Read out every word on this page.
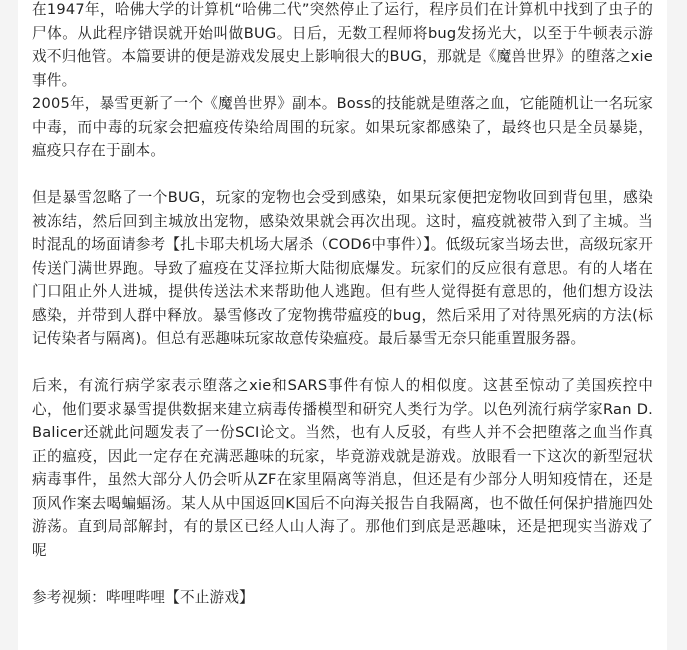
在1947年，哈佛大学的计算机“哈佛二代”突然停止了运行，程序员们在计算机中找到了虫子的尸体。从此程序错误就开始叫做BUG。日后，无数工程师将bug发扬光大，以至于牛顿表示游戏不归他管。本篇要讲的便是游戏发展史上影响很大的BUG，那就是《魔兽世界》的堕落之xie事件。

2005年，暴雪更新了一个《魔兽世界》副本。Boss的技能就是堕落之血，它能随机让一名玩家中毒，而中毒的玩家会把瘟疫传染给周围的玩家。如果玩家都感染了，最终也只是全员暴毙，瘟疫只存在于副本。

但是暴雪忽略了一个BUG，玩家的宠物也会受到感染，如果玩家便把宠物收回到背包里，感染被冻结，然后回到主城放出宠物，感染效果就会再次出现。这时，瘟疫就被带入到了主城。当时混乱的场面请参考【扎卡耶夫机场大屠杀（COD6中事件）】。低级玩家当场去世，高级玩家开传送门满世界跑。导致了瘟疫在艾泽拉斯大陆彻底爆发。玩家们的反应很有意思。有的人堵在门口阻止外人进城，提供传送法术来帮助他人逃跑。但有些人觉得挺有意思的，他们想方设法感染，并带到人群中释放。暴雪修改了宠物携带瘟疫的bug，然后采用了对待黑死病的方法(标记传染者与隔离)。但总有恶趣味玩家故意传染瘟疫。最后暴雪无奈只能重置服务器。

后来，有流行病学家表示堕落之xie和SARS事件有惊人的相似度。这甚至惊动了美国疾控中心，他们要求暴雪提供数据来建立病毒传播模型和研究人类行为学。以色列流行病学家Ran D. Balicer还就此问题发表了一份SCI论文。当然，也有人反驳，有些人并不会把堕落之血当作真正的瘟疫，因此一定存在充满恶趣味的玩家，毕竟游戏就是游戏。放眼看一下这次的新型冠状病毒事件，虽然大部分人仍会听从ZF在家里隔离等消息，但还是有少部分人明知疫情在，还是顶风作案去喝蝙蝠汤。某人从中国返回K国后不向海关报告自我隔离，也不做任何保护措施四处游荡。直到局部解封，有的景区已经人山人海了。那他们到底是恶趣味，还是把现实当游戏了呢

参考视频：哔哩哔哩【不止游戏】
